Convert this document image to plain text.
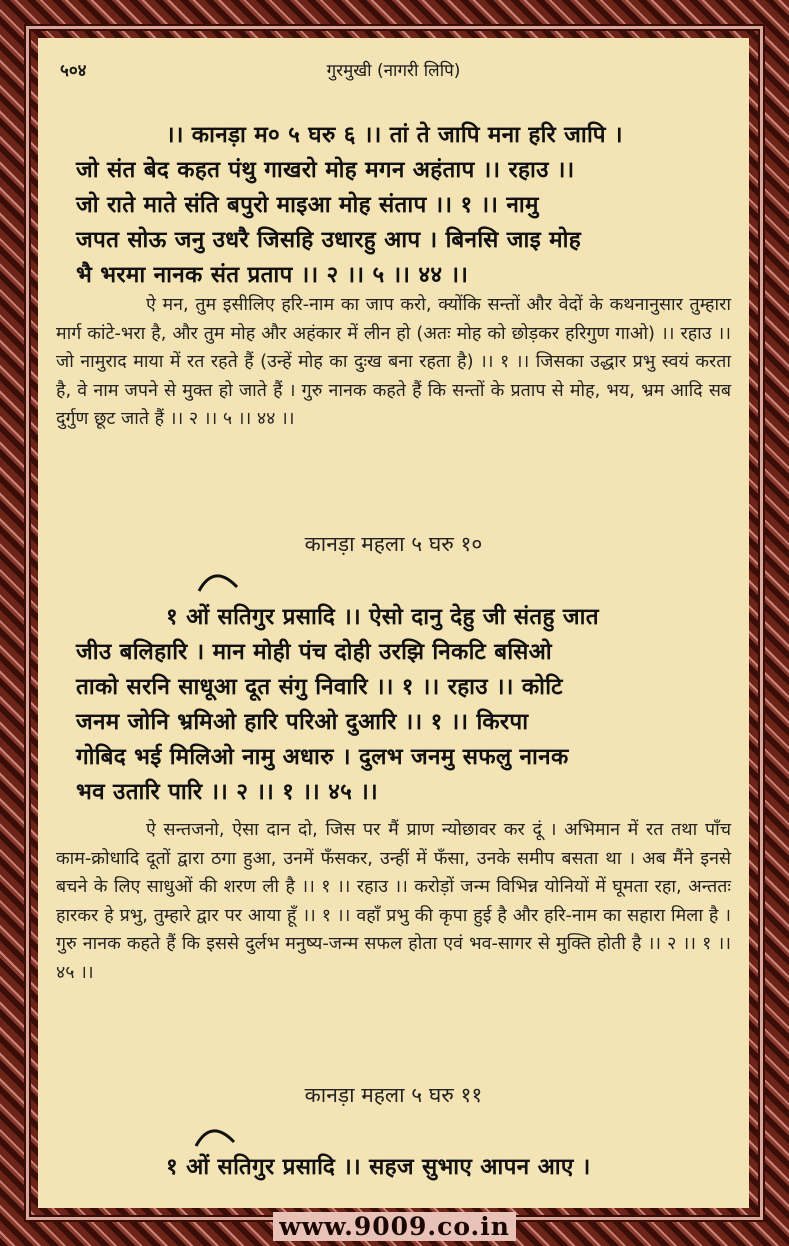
५०४	गुरमुखी (नागरी लिपि)

।। कानड़ा म० ५ घरु ६ ।। तां ते जापि मना हरि जापि ।

जो संत बेद कहत पंथु गाखरो मोह मगन अहंताप ।। रहाउ ।।

जो राते माते संति बपुरो माइआ मोह संताप ।। १ ।। नामु

जपत सोऊ जनु उधरै जिसहि उधारहु आप । बिनसि जाइ मोह

भै भरमा नानक संत प्रताप ।। २ ।। ५ ।। ४४ ।।

ऐ मन, तुम इसीलिए हरि-नाम का जाप करो, क्योंकि सन्तों और वेदों के कथनानुसार तुम्हारा मार्ग कांटे-भरा है, और तुम मोह और अहंकार में लीन हो (अतः मोह को छोड़कर हरिगुण गाओ) ।। रहाउ ।। जो नामुराद माया में रत रहते हैं (उन्हें मोह का दुःख बना रहता है) ।। १ ।। जिसका उद्धार प्रभु स्वयं करता है, वे नाम जपने से मुक्त हो जाते हैं । गुरु नानक कहते हैं कि सन्तों के प्रताप से मोह, भय, भ्रम आदि सब दुर्गुण छूट जाते हैं ।। २ ।। ५ ।। ४४ ।।

कानड़ा महला ५ घरु १०

१ ओं सतिगुर प्रसादि ।। ऐसो दानु देहु जी संतहु जात

जीउ बलिहारि । मान मोही पंच दोही उरझि निकटि बसिओ

ताको सरनि साधूआ दूत संगु निवारि ।। १ ।। रहाउ ।। कोटि

जनम जोनि भ्रमिओ हारि परिओ दुआरि ।। १ ।। किरपा

गोबिद भई मिलिओ नामु अधारु । दुलभ जनमु सफलु नानक

भव उतारि पारि ।। २ ।। १ ।। ४५ ।।

ऐ सन्तजनो, ऐसा दान दो, जिस पर मैं प्राण न्योछावर कर दूं । अभिमान में रत तथा पाँच काम-क्रोधादि दूतों द्वारा ठगा हुआ, उनमें फँसकर, उन्हीं में फँसा, उनके समीप बसता था । अब मैंने इनसे बचने के लिए साधुओं की शरण ली है ।। १ ।। रहाउ ।। करोड़ों जन्म विभिन्न योनियों में घूमता रहा, अन्ततः हारकर हे प्रभु, तुम्हारे द्वार पर आया हूँ ।। १ ।। वहाँ प्रभु की कृपा हुई है और हरि-नाम का सहारा मिला है । गुरु नानक कहते हैं कि इससे दुर्लभ मनुष्य-जन्म सफल होता एवं भव-सागर से मुक्ति होती है ।। २ ।। १ ।। ४५ ।।

कानड़ा महला ५ घरु ११

१ ओं सतिगुर प्रसादि ।। सहज सुभाए आपन आए ।

www.9009.co.in
